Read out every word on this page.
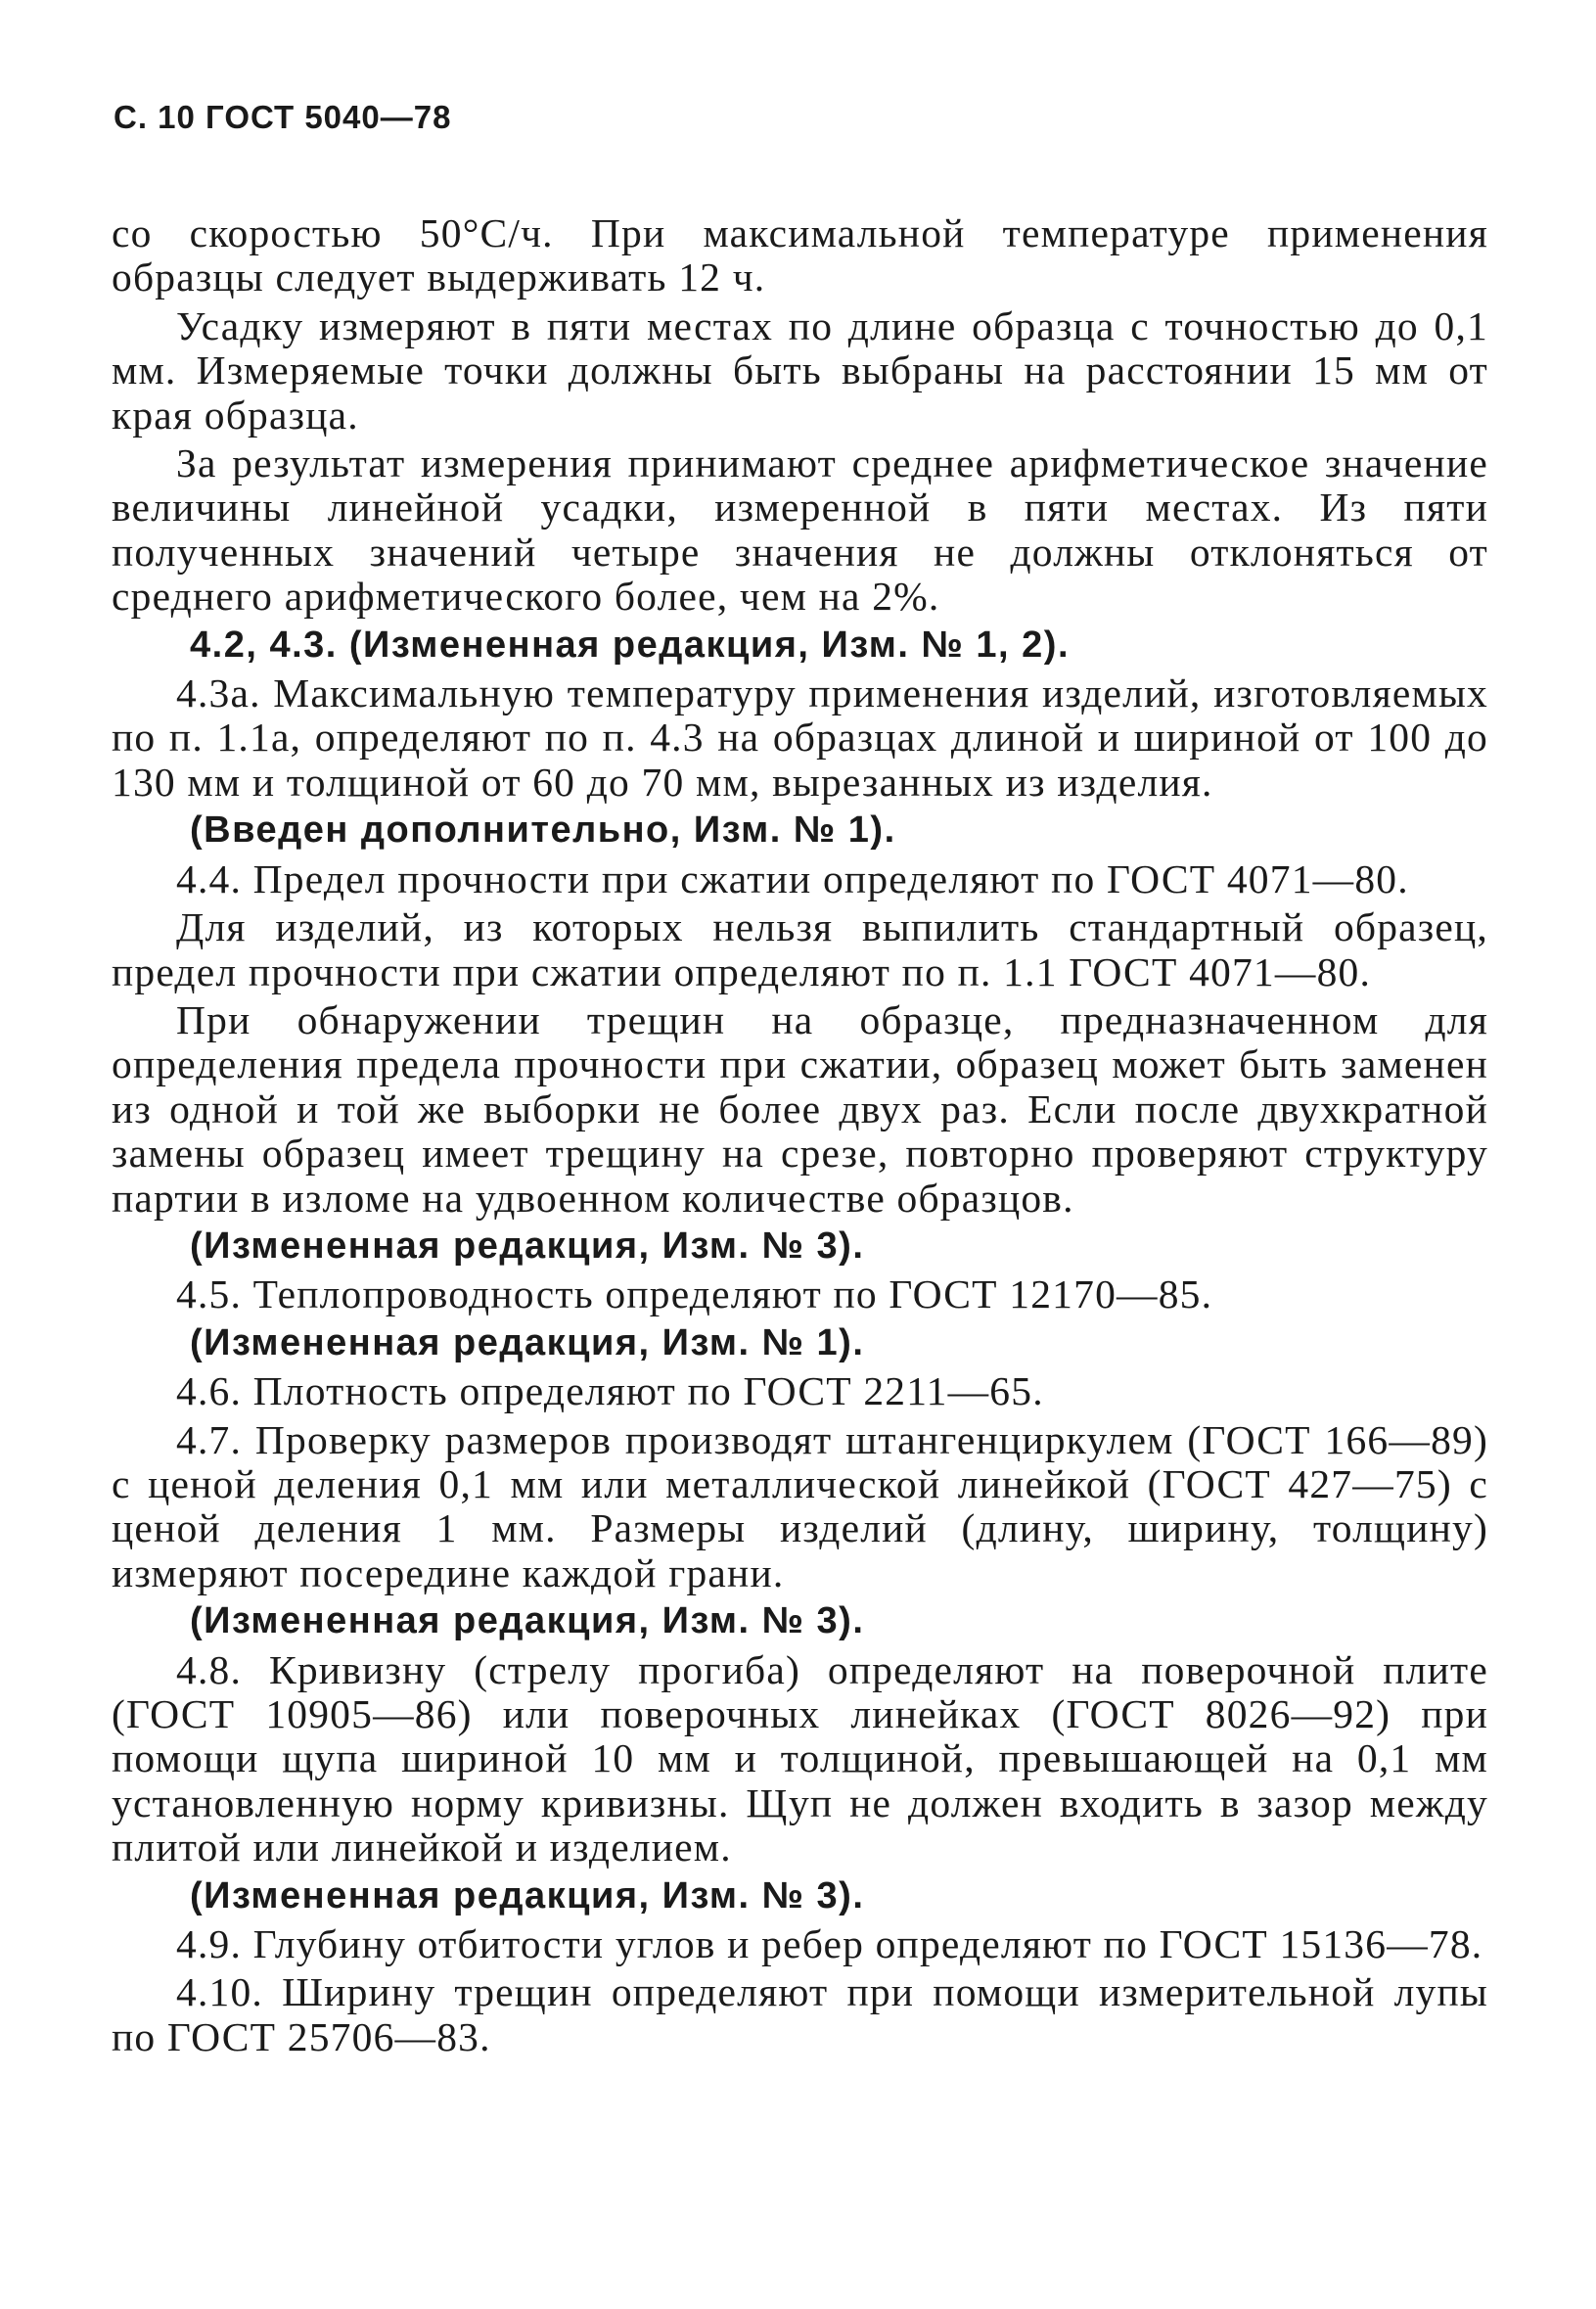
С. 10 ГОСТ 5040—78

со скоростью 50°С/ч. При максимальной температуре применения образцы следует выдерживать 12 ч.

Усадку измеряют в пяти местах по длине образца с точностью до 0,1 мм. Измеряемые точки должны быть выбраны на расстоянии 15 мм от края образца.

За результат измерения принимают среднее арифметическое значение величины линейной усадки, измеренной в пяти местах. Из пяти полученных значений четыре значения не должны отклоняться от среднего арифметического более, чем на 2%.

4.2, 4.3. (Измененная редакция, Изм. № 1, 2).

4.3а. Максимальную температуру применения изделий, изготовляемых по п. 1.1а, определяют по п. 4.3 на образцах длиной и шириной от 100 до 130 мм и толщиной от 60 до 70 мм, вырезанных из изделия.

(Введен дополнительно, Изм. № 1).

4.4. Предел прочности при сжатии определяют по ГОСТ 4071—80.

Для изделий, из которых нельзя выпилить стандартный образец, предел прочности при сжатии определяют по п. 1.1 ГОСТ 4071—80.

При обнаружении трещин на образце, предназначенном для определения предела прочности при сжатии, образец может быть заменен из одной и той же выборки не более двух раз. Если после двухкратной замены образец имеет трещину на срезе, повторно проверяют структуру партии в изломе на удвоенном количестве образцов.

(Измененная редакция, Изм. № 3).

4.5. Теплопроводность определяют по ГОСТ 12170—85.

(Измененная редакция, Изм. № 1).

4.6. Плотность определяют по ГОСТ 2211—65.

4.7. Проверку размеров производят штангенциркулем (ГОСТ 166—89) с ценой деления 0,1 мм или металлической линейкой (ГОСТ 427—75) с ценой деления 1 мм. Размеры изделий (длину, ширину, толщину) измеряют посередине каждой грани.

(Измененная редакция, Изм. № 3).

4.8. Кривизну (стрелу прогиба) определяют на поверочной плите (ГОСТ 10905—86) или поверочных линейках (ГОСТ 8026—92) при помощи щупа шириной 10 мм и толщиной, превышающей на 0,1 мм установленную норму кривизны. Щуп не должен входить в зазор между плитой или линейкой и изделием.

(Измененная редакция, Изм. № 3).

4.9. Глубину отбитости углов и ребер определяют по ГОСТ 15136—78.

4.10. Ширину трещин определяют при помощи измерительной лупы по ГОСТ 25706—83.
